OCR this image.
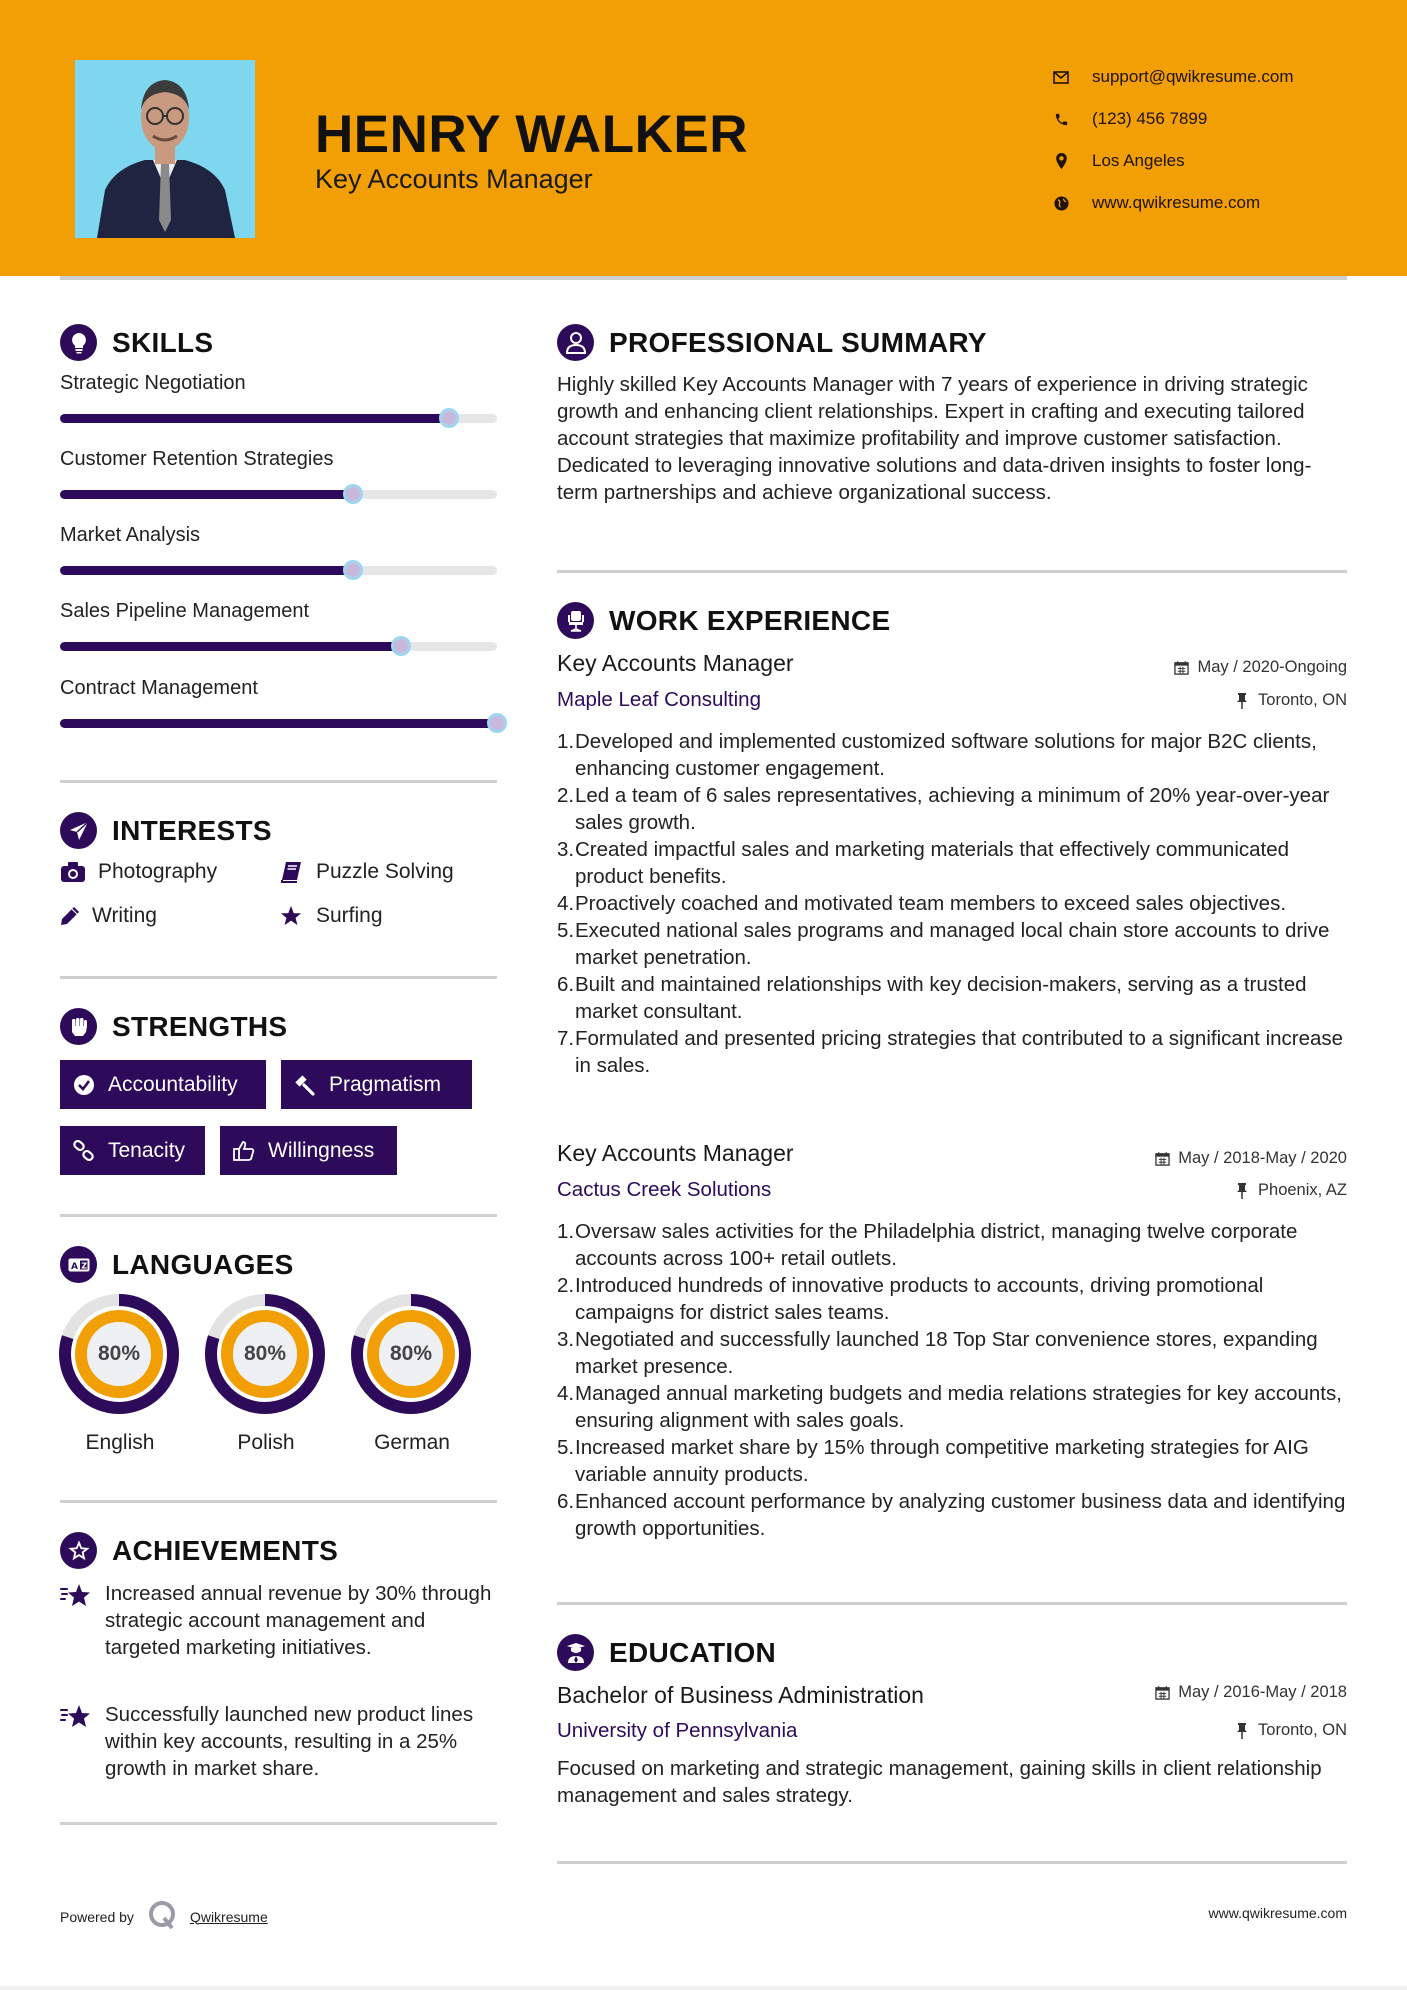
HENRY WALKER
Key Accounts Manager
support@qwikresume.com
(123) 456 7899
Los Angeles
www.qwikresume.com
SKILLS
Strategic Negotiation
Customer Retention Strategies
Market Analysis
Sales Pipeline Management
Contract Management
INTERESTS
Photography	Puzzle Solving
Writing	Surfing
STRENGTHS
Accountability	Pragmatism
Tenacity	Willingness
A Z LANGUAGES
80%
English
80%
Polish
80%
German
ACHIEVEMENTS
Increased annual revenue by 30% through strategic account management and targeted marketing initiatives.
Successfully launched new product lines within key accounts, resulting in a 25% growth in market share.
PROFESSIONAL SUMMARY
Highly skilled Key Accounts Manager with 7 years of experience in driving strategic growth and enhancing client relationships. Expert in crafting and executing tailored account strategies that maximize profitability and improve customer satisfaction. Dedicated to leveraging innovative solutions and data-driven insights to foster long-term partnerships and achieve organizational success.
WORK EXPERIENCE
Key Accounts Manager	May / 2020-Ongoing
Maple Leaf Consulting	Toronto, ON
1. Developed and implemented customized software solutions for major B2C clients, enhancing customer engagement.
2. Led a team of 6 sales representatives, achieving a minimum of 20% year-over-year sales growth.
3. Created impactful sales and marketing materials that effectively communicated product benefits.
4. Proactively coached and motivated team members to exceed sales objectives.
5. Executed national sales programs and managed local chain store accounts to drive market penetration.
6. Built and maintained relationships with key decision-makers, serving as a trusted market consultant.
7. Formulated and presented pricing strategies that contributed to a significant increase in sales.
Key Accounts Manager	May / 2018-May / 2020
Cactus Creek Solutions	Phoenix, AZ
1. Oversaw sales activities for the Philadelphia district, managing twelve corporate accounts across 100+ retail outlets.
2. Introduced hundreds of innovative products to accounts, driving promotional campaigns for district sales teams.
3. Negotiated and successfully launched 18 Top Star convenience stores, expanding market presence.
4. Managed annual marketing budgets and media relations strategies for key accounts, ensuring alignment with sales goals.
5. Increased market share by 15% through competitive marketing strategies for AIG variable annuity products.
6. Enhanced account performance by analyzing customer business data and identifying growth opportunities.
EDUCATION
Bachelor of Business Administration	May / 2016-May / 2018
University of Pennsylvania	Toronto, ON
Focused on marketing and strategic management, gaining skills in client relationship management and sales strategy.
Powered by	Qwikresume	www.qwikresume.com
